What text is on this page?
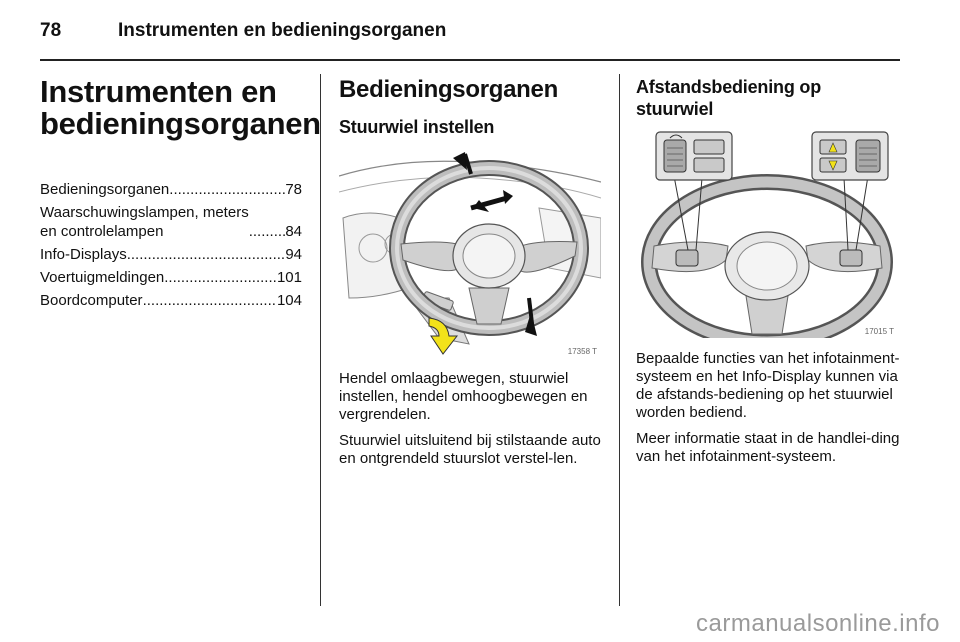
78	Instrumenten en bedieningsorganen
Instrumenten en
bedieningsorganen
Bedieningsorganen .....	78
Waarschuwingslampen, meters
en controlelampen .....	84
Info-Displays .....	94
Voertuigmeldingen .....	101
Boordcomputer .....	104
Bedieningsorganen
Stuurwiel instellen
17358 T

Hendel omlaagbewegen, stuurwiel instellen, hendel omhoogbewegen en vergrendelen.

Stuurwiel uitsluitend bij stilstaande auto en ontgrendeld stuurslot verstel-len.

Afstandsbediening op
stuurwiel
17015 T

Bepaalde functies van het infotainment-systeem en het Info-Display kunnen via de afstands-bediening op het stuurwiel worden bediend.

Meer informatie staat in de handlei-ding van het infotainment-systeem.

carmanualsonline.info
